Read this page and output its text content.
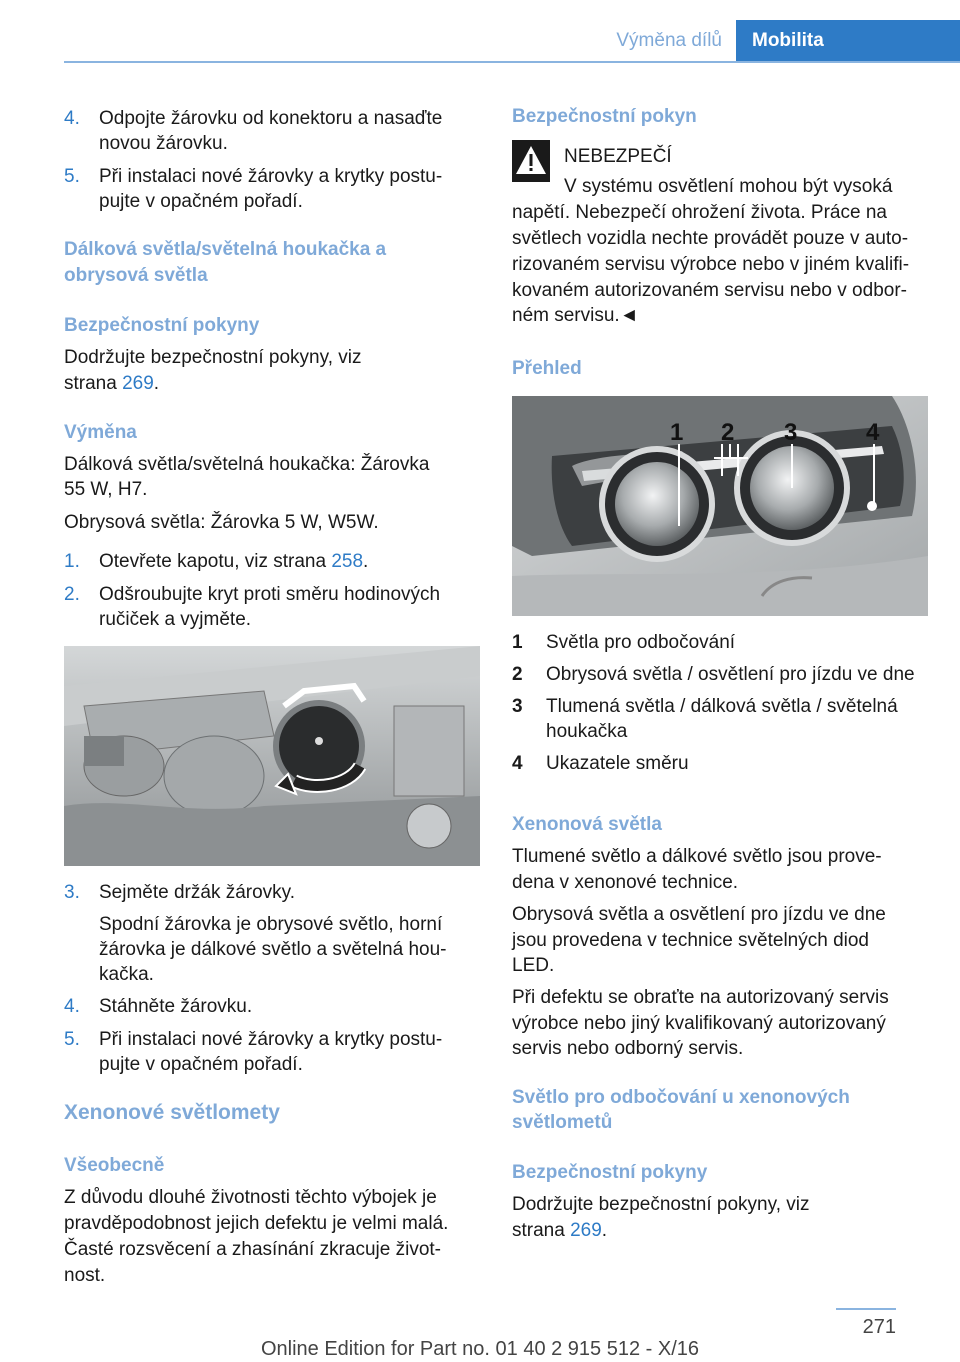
Výměna dílů Mobilita
4. Odpojte žárovku od konektoru a nasaďte
novou žárovku.
5. Při instalaci nové žárovky a krytky postu‐
pujte v opačném pořadí.
Dálková světla/světelná houkačka a
obrysová světla
Bezpečnostní pokyny
Dodržujte bezpečnostní pokyny, viz
strana 269.
Výměna
Dálková světla/světelná houkačka: Žárovka
55 W, H7.
Obrysová světla: Žárovka 5 W, W5W.
1. Otevřete kapotu, viz strana 258.
2. Odšroubujte kryt proti směru hodinových
ručiček a vyjměte.
3. Sejměte držák žárovky.
Spodní žárovka je obrysové světlo, horní
žárovka je dálkové světlo a světelná hou‐
kačka.
4. Stáhněte žárovku.
5. Při instalaci nové žárovky a krytky postu‐
pujte v opačném pořadí.
Xenonové světlomety
Všeobecně
Z důvodu dlouhé životnosti těchto výbojek je
pravděpodobnost jejich defektu je velmi malá.
Časté rozsvěcení a zhasínání zkracuje život‐
nost.
Bezpečnostní pokyn
NEBEZPEČÍ
V systému osvětlení mohou být vysoká
napětí. Nebezpečí ohrožení života. Práce na
světlech vozidla nechte provádět pouze v auto‐
rizovaném servisu výrobce nebo v jiném kvalifi‐
kovaném autorizovaném servisu nebo v odbor‐
ném servisu.◄
Přehled
1 2 3	4
1 Světla pro odbočování
2 Obrysová světla / osvětlení pro jízdu ve dne
3 Tlumená světla / dálková světla / světelná
houkačka
4 Ukazatele směru
Xenonová světla
Tlumené světlo a dálkové světlo jsou prove‐
dena v xenonové technice.
Obrysová světla a osvětlení pro jízdu ve dne
jsou provedena v technice světelných diod
LED.
Při defektu se obraťte na autorizovaný servis
výrobce nebo jiný kvalifikovaný autorizovaný
servis nebo odborný servis.
Světlo pro odbočování u xenonových
světlometů
Bezpečnostní pokyny
Dodržujte bezpečnostní pokyny, viz
strana 269.
271
Online Edition for Part no. 01 40 2 915 512 - X/16
